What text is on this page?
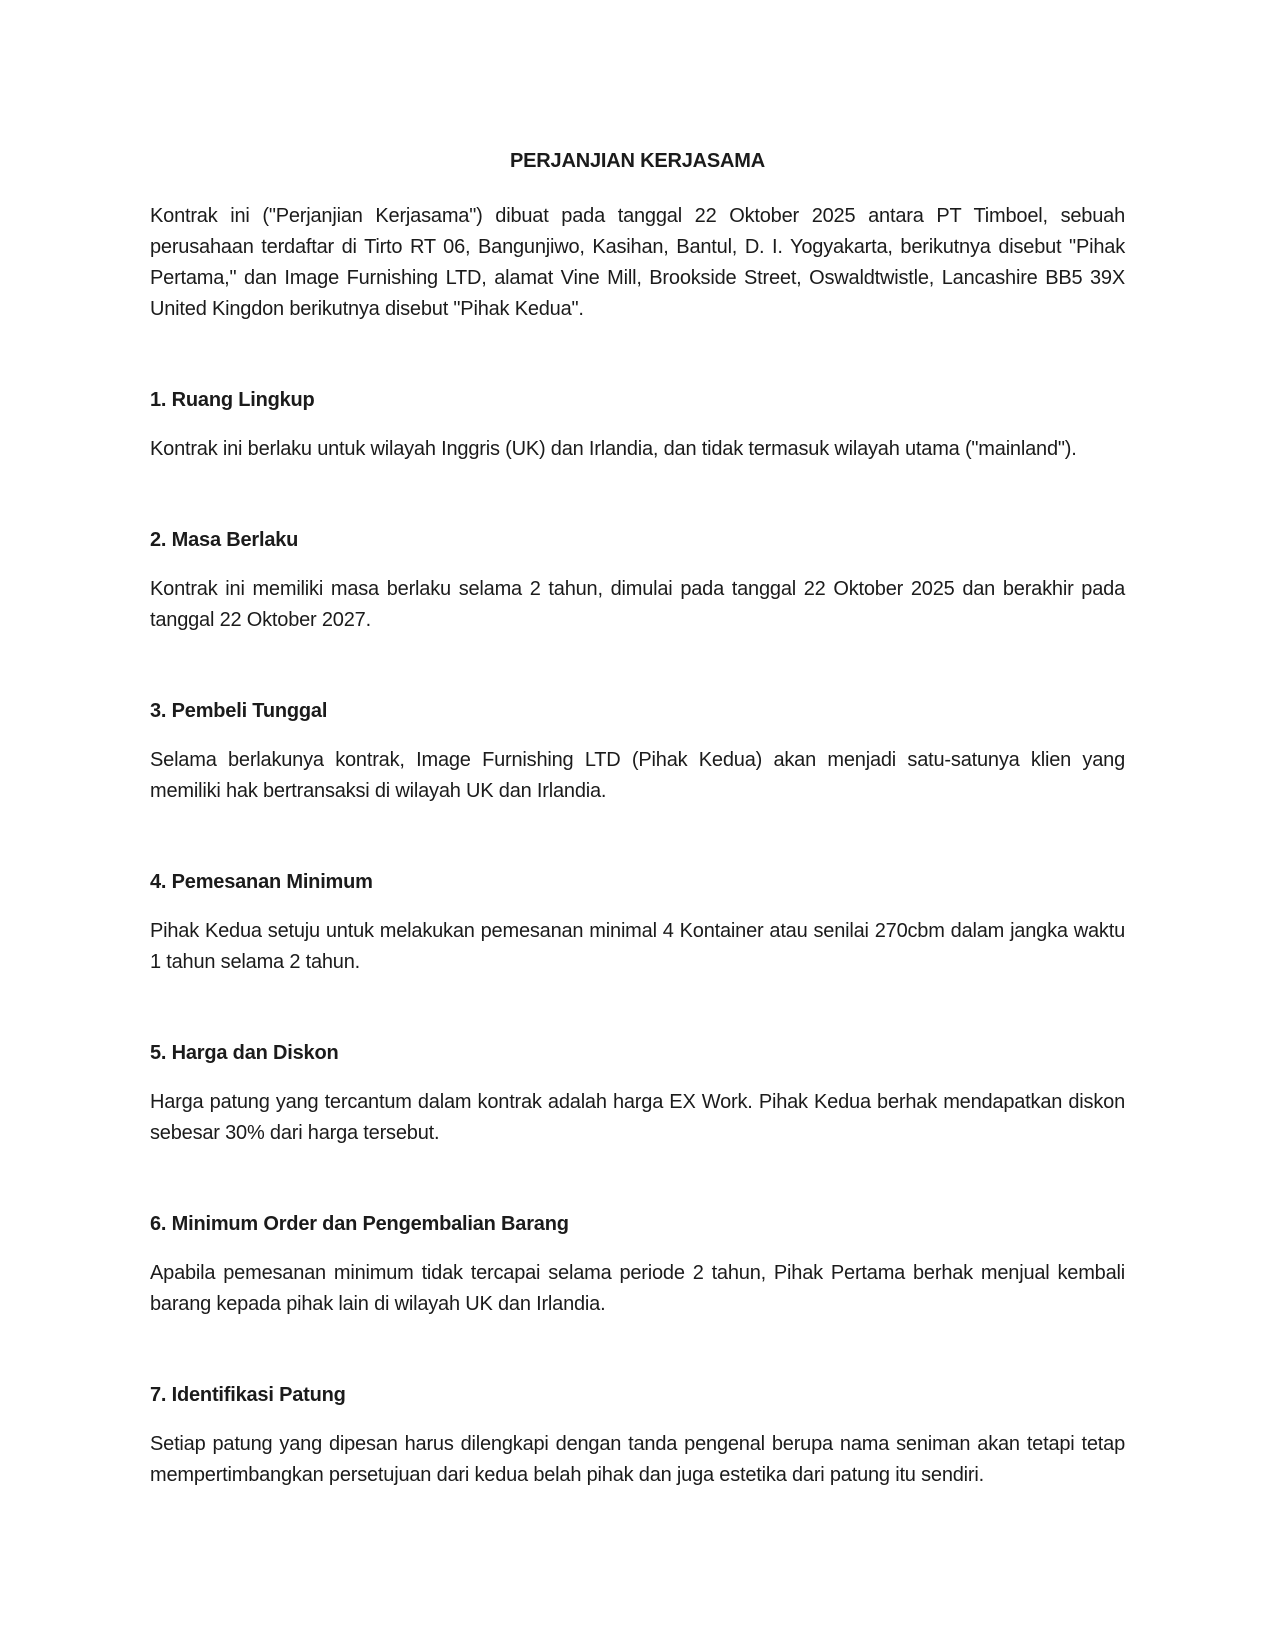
PERJANJIAN KERJASAMA

Kontrak ini ("Perjanjian Kerjasama") dibuat pada tanggal 22 Oktober 2025 antara PT Timboel, sebuah perusahaan terdaftar di Tirto RT 06, Bangunjiwo, Kasihan, Bantul, D. I. Yogyakarta, berikutnya disebut "Pihak Pertama," dan Image Furnishing LTD, alamat Vine Mill, Brookside Street, Oswaldtwistle, Lancashire BB5 39X United Kingdon berikutnya disebut "Pihak Kedua".

1. Ruang Lingkup

Kontrak ini berlaku untuk wilayah Inggris (UK) dan Irlandia, dan tidak termasuk wilayah utama ("mainland").

2. Masa Berlaku

Kontrak ini memiliki masa berlaku selama 2 tahun, dimulai pada tanggal 22 Oktober 2025 dan berakhir pada tanggal 22 Oktober 2027.

3. Pembeli Tunggal

Selama berlakunya kontrak, Image Furnishing LTD (Pihak Kedua) akan menjadi satu-satunya klien yang memiliki hak bertransaksi di wilayah UK dan Irlandia.

4. Pemesanan Minimum

Pihak Kedua setuju untuk melakukan pemesanan minimal 4 Kontainer atau senilai 270cbm dalam jangka waktu 1 tahun selama 2 tahun.

5. Harga dan Diskon

Harga patung yang tercantum dalam kontrak adalah harga EX Work. Pihak Kedua berhak mendapatkan diskon sebesar 30% dari harga tersebut.

6. Minimum Order dan Pengembalian Barang

Apabila pemesanan minimum tidak tercapai selama periode 2 tahun, Pihak Pertama berhak menjual kembali barang kepada pihak lain di wilayah UK dan Irlandia.

7. Identifikasi Patung

Setiap patung yang dipesan harus dilengkapi dengan tanda pengenal berupa nama seniman akan tetapi tetap mempertimbangkan persetujuan dari kedua belah pihak dan juga estetika dari patung itu sendiri.
